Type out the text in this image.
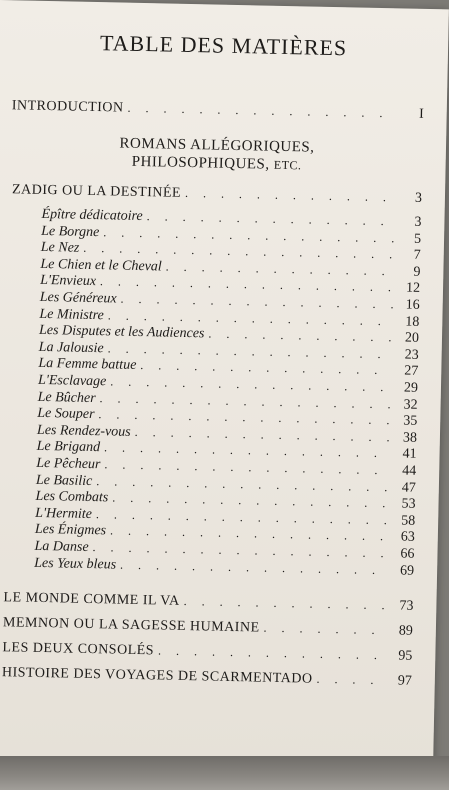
TABLE DES MATIÈRES
INTRODUCTION . . .	I
ROMANS ALLÉGORIQUES,
PHILOSOPHIQUES, ETC.
ZADIG OU LA DESTINÉE . . .	3
Épître dédicatoire . . .	3
Le Borgne . . .	5
Le Nez . . .	7
Le Chien et le Cheval . . .	9
L'Envieux . . .	12
Les Généreux . . .	16
Le Ministre . . .	18
Les Disputes et les Audiences . . .	20
La Jalousie . . .	23
La Femme battue . . .	27
L'Esclavage . . .	29
Le Bûcher . . .	32
Le Souper . . .	35
Les Rendez-vous . . .	38
Le Brigand . . .	41
Le Pêcheur . . .	44
Le Basilic . . .	47
Les Combats . . .	53
L'Hermite . . .	58
Les Énigmes . . .	63
La Danse . . .	66
Les Yeux bleus . . .	69
LE MONDE COMME IL VA . . .	73
MEMNON OU LA SAGESSE HUMAINE . . .	89
LES DEUX CONSOLÉS . . .	95
HISTOIRE DES VOYAGES DE SCARMENTADO . . .	97
